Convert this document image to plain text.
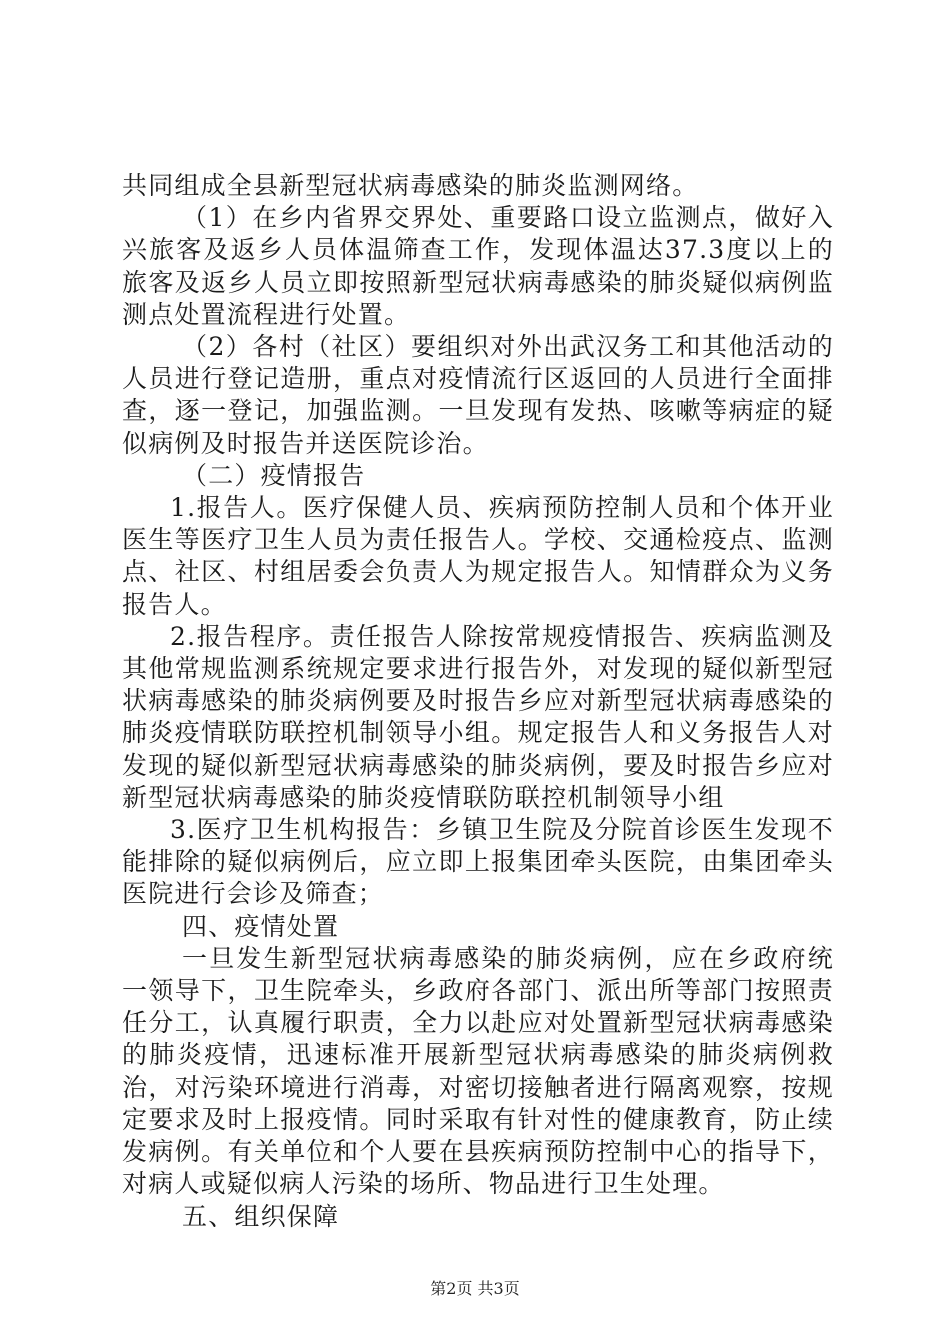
共同组成全县新型冠状病毒感染的肺炎监测网络。

（1）在乡内省界交界处、重要路口设立监测点，做好入兴旅客及返乡人员体温筛查工作，发现体温达37.3度以上的旅客及返乡人员立即按照新型冠状病毒感染的肺炎疑似病例监测点处置流程进行处置。

（2）各村（社区）要组织对外出武汉务工和其他活动的人员进行登记造册，重点对疫情流行区返回的人员进行全面排查，逐一登记，加强监测。一旦发现有发热、咳嗽等病症的疑似病例及时报告并送医院诊治。

（二）疫情报告

1.报告人。医疗保健人员、疾病预防控制人员和个体开业医生等医疗卫生人员为责任报告人。学校、交通检疫点、监测点、社区、村组居委会负责人为规定报告人。知情群众为义务报告人。

2.报告程序。责任报告人除按常规疫情报告、疾病监测及其他常规监测系统规定要求进行报告外，对发现的疑似新型冠状病毒感染的肺炎病例要及时报告乡应对新型冠状病毒感染的肺炎疫情联防联控机制领导小组。规定报告人和义务报告人对发现的疑似新型冠状病毒感染的肺炎病例，要及时报告乡应对新型冠状病毒感染的肺炎疫情联防联控机制领导小组

3.医疗卫生机构报告：乡镇卫生院及分院首诊医生发现不能排除的疑似病例后，应立即上报集团牵头医院，由集团牵头医院进行会诊及筛查；

四、疫情处置

一旦发生新型冠状病毒感染的肺炎病例，应在乡政府统一领导下，卫生院牵头，乡政府各部门、派出所等部门按照责任分工，认真履行职责，全力以赴应对处置新型冠状病毒感染的肺炎疫情，迅速标准开展新型冠状病毒感染的肺炎病例救治，对污染环境进行消毒，对密切接触者进行隔离观察，按规定要求及时上报疫情。同时采取有针对性的健康教育，防止续发病例。有关单位和个人要在县疾病预防控制中心的指导下，对病人或疑似病人污染的场所、物品进行卫生处理。

五、组织保障

第2页 共3页
